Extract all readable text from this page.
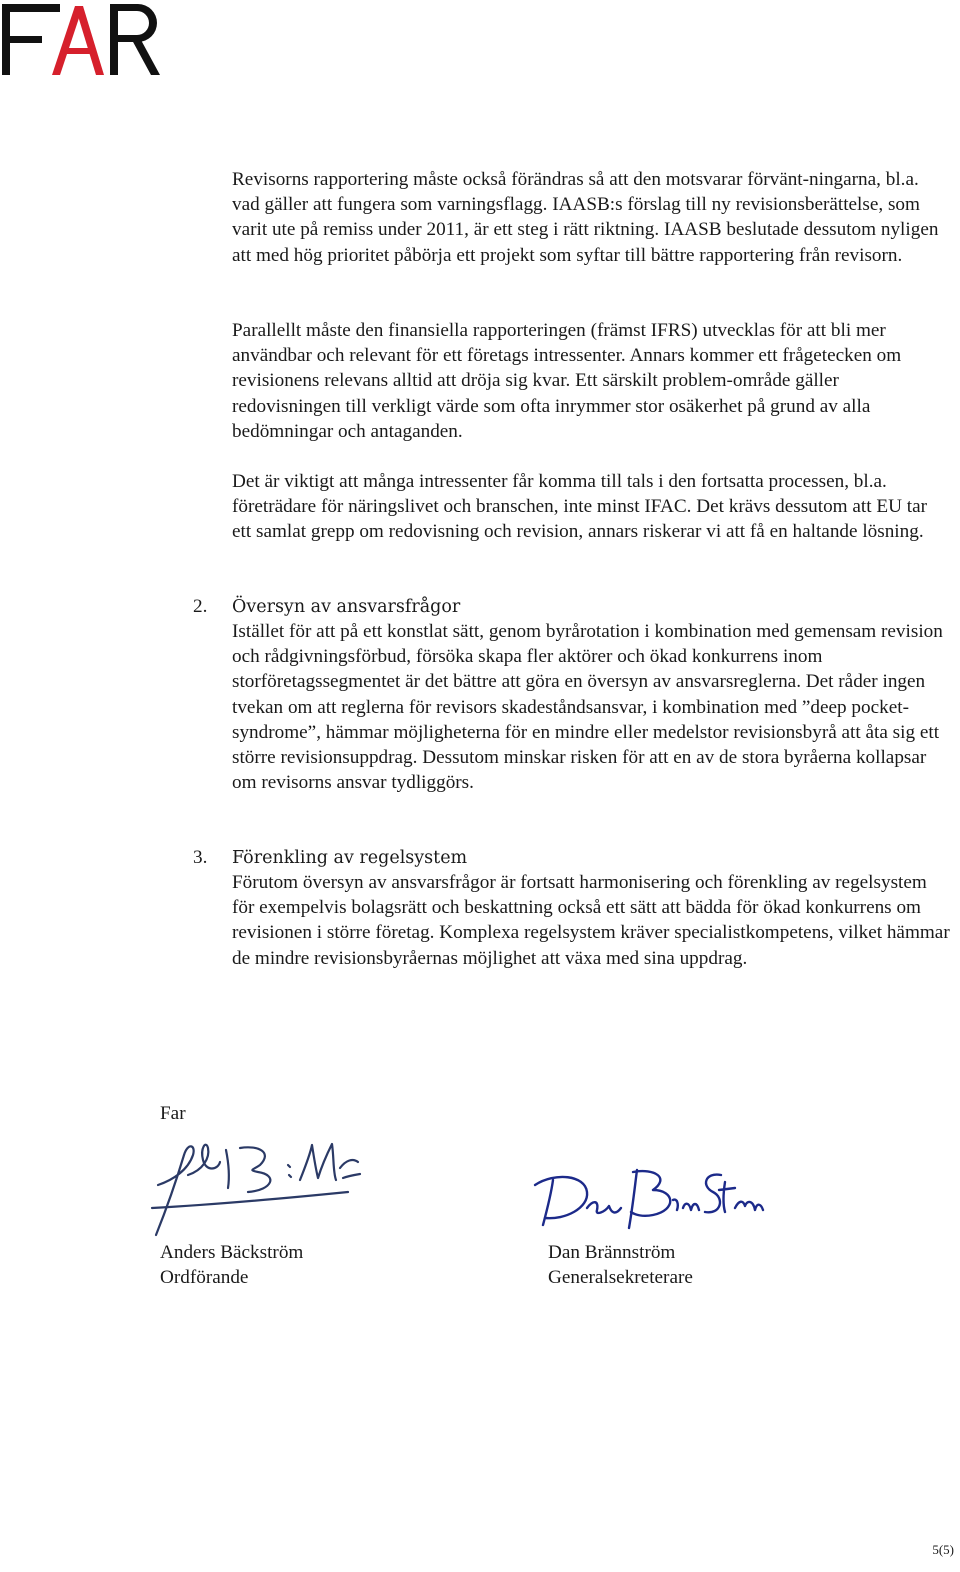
Revisorns rapportering måste också förändras så att den motsvarar förvänt-ningarna, bl.a. vad gäller att fungera som varningsflagg. IAASB:s förslag till ny revisionsberättelse, som varit ute på remiss under 2011, är ett steg i rätt riktning. IAASB beslutade dessutom nyligen att med hög prioritet påbörja ett projekt som syftar till bättre rapportering från revisorn.

Parallellt måste den finansiella rapporteringen (främst IFRS) utvecklas för att bli mer användbar och relevant för ett företags intressenter. Annars kommer ett frågetecken om revisionens relevans alltid att dröja sig kvar. Ett särskilt problem-område gäller redovisningen till verkligt värde som ofta inrymmer stor osäkerhet på grund av alla bedömningar och antaganden.

Det är viktigt att många intressenter får komma till tals i den fortsatta processen, bl.a. företrädare för näringslivet och branschen, inte minst IFAC. Det krävs dessutom att EU tar ett samlat grepp om redovisning och revision, annars riskerar vi att få en haltande lösning.

2. Översyn av ansvarsfrågor

Istället för att på ett konstlat sätt, genom byrårotation i kombination med gemensam revision och rådgivningsförbud, försöka skapa fler aktörer och ökad konkurrens inom storföretagssegmentet är det bättre att göra en översyn av ansvarsreglerna. Det råder ingen tvekan om att reglerna för revisors skadeståndsansvar, i kombination med ”deep pocket-syndrome”, hämmar möjligheterna för en mindre eller medelstor revisionsbyrå att åta sig ett större revisionsuppdrag. Dessutom minskar risken för att en av de stora byråerna kollapsar om revisorns ansvar tydliggörs.

3. Förenkling av regelsystem

Förutom översyn av ansvarsfrågor är fortsatt harmonisering och förenkling av regelsystem för exempelvis bolagsrätt och beskattning också ett sätt att bädda för ökad konkurrens om revisionen i större företag. Komplexa regelsystem kräver specialistkompetens, vilket hämmar de mindre revisionsbyråernas möjlighet att växa med sina uppdrag.

Far

Anders Bäckström

Ordförande

Dan Brännström

Generalsekreterare

5(5)
